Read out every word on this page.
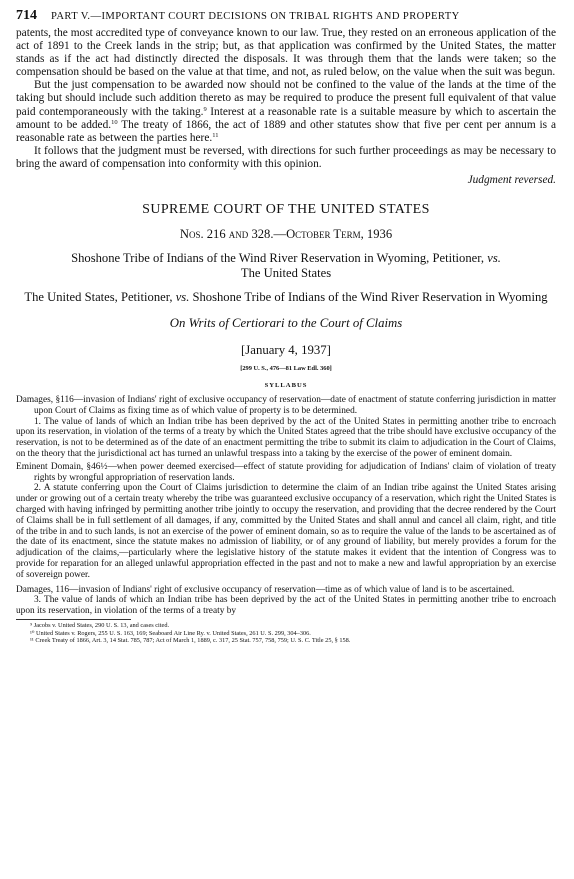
714 PART V.—IMPORTANT COURT DECISIONS ON TRIBAL RIGHTS AND PROPERTY

patents, the most accredited type of conveyance known to our law. True, they rested on an erroneous application of the act of 1891 to the Creek lands in the strip; but, as that application was confirmed by the United States, the matter stands as if the act had distinctly directed the disposals. It was through them that the lands were taken; so the compensation should be based on the value at that time, and not, as ruled below, on the value when the suit was begun.

But the just compensation to be awarded now should not be confined to the value of the lands at the time of the taking but should include such addition thereto as may be required to produce the present full equivalent of that value paid contemporaneously with the taking.$^9$ Interest at a reasonable rate is a suitable measure by which to ascertain the amount to be added.$^{10}$ The treaty of 1866, the act of 1889 and other statutes show that five per cent per annum is a reasonable rate as between the parties here.$^{11}$

It follows that the judgment must be reversed, with directions for such further proceedings as may be necessary to bring the award of compensation into conformity with this opinion.

Judgment reversed.

SUPREME COURT OF THE UNITED STATES
Nos. 216 and 328.—October Term, 1936
Shoshone Tribe of Indians of the Wind River Reservation in Wyoming, Petitioner, vs.
The United States
The United States, Petitioner, vs. Shoshone Tribe of Indians of the Wind River Reservation in Wyoming
On Writs of Certiorari to the Court of Claims
[January 4, 1937]
[299 U. S., 476—81 Law Edl. 360]
SYLLABUS

Damages, §116—invasion of Indians' right of exclusive occupancy of reservation—date of enactment of statute conferring jurisdiction in matter upon Court of Claims as fixing time as of which value of property is to be determined.

1. The value of lands of which an Indian tribe has been deprived by the act of the United States in permitting another tribe to encroach upon its reservation, in violation of the terms of a treaty by which the United States agreed that the tribe should have exclusive occupancy of the reservation, is not to be determined as of the date of an enactment permitting the tribe to submit its claim to adjudication in the Court of Claims, on the theory that the jurisdictional act has turned an unlawful trespass into a taking by the exercise of the power of eminent domain.

Eminent Domain, §46½—when power deemed exercised—effect of statute providing for adjudication of Indians' claim of violation of treaty rights by wrongful appropriation of reservation lands.

2. A statute conferring upon the Court of Claims jurisdiction to determine the claim of an Indian tribe against the United States arising under or growing out of a certain treaty whereby the tribe was guaranteed exclusive occupancy of a reservation, which right the United States is charged with having infringed by permitting another tribe jointly to occupy the reservation, and providing that the decree rendered by the Court of Claims shall be in full settlement of all damages, if any, committed by the United States and shall annul and cancel all claim, right, and title of the tribe in and to such lands, is not an exercise of the power of eminent domain, so as to require the value of the lands to be ascertained as of the date of its enactment, since the statute makes no admission of liability, or of any ground of liability, but merely provides a forum for the adjudication of the claims,—particularly where the legislative history of the statute makes it evident that the intention of Congress was to provide for reparation for an alleged unlawful appropriation effected in the past and not to make a new and lawful appropriation by an exercise of sovereign power.

Damages, 116—invasion of Indians' right of exclusive occupancy of reservation—time as of which value of land is to be ascertained.

3. The value of lands of which an Indian tribe has been deprived by the act of the United States in permitting another tribe to encroach upon its reservation, in violation of the terms of a treaty by

⁹ Jacobs v. United States, 290 U. S. 13, and cases cited.
¹⁰ United States v. Rogers, 255 U. S. 163, 169; Seaboard Air Line Ry. v. United States, 261 U. S. 299, 304–306.
¹¹ Creek Treaty of 1866, Art. 3, 14 Stat. 785, 787; Act of March 1, 1889, c. 317, 25 Stat. 757, 758, 759; U. S. C. Title 25, § 158.
